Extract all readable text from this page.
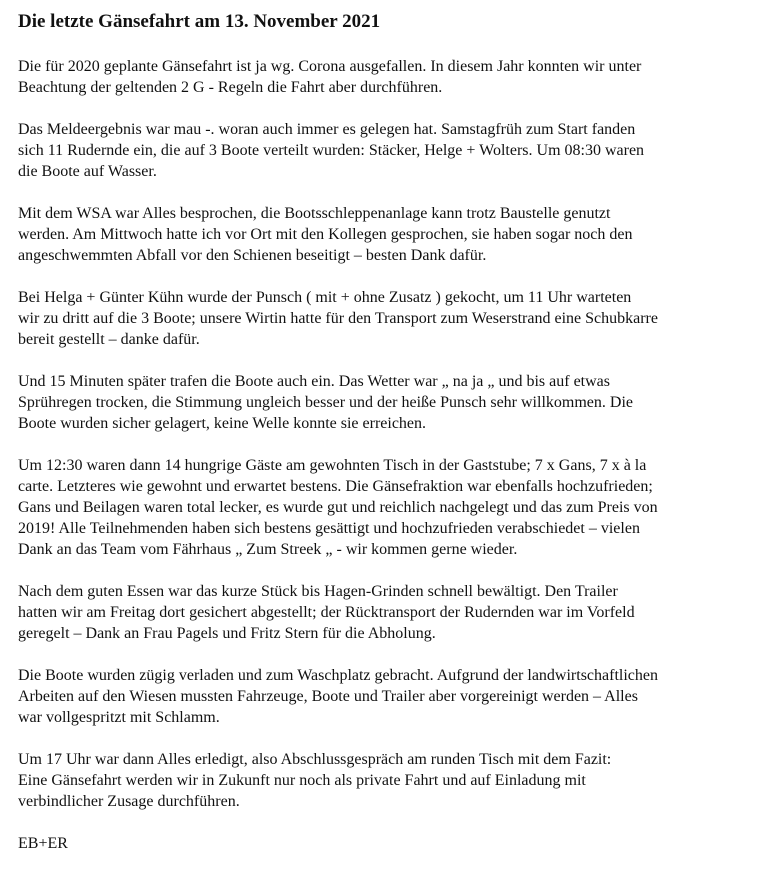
Die letzte Gänsefahrt am 13. November 2021

Die für 2020 geplante Gänsefahrt ist ja wg. Corona ausgefallen. In diesem Jahr konnten wir unter
Beachtung der geltenden 2 G - Regeln die Fahrt aber durchführen.

Das Meldeergebnis war mau -. woran auch immer es gelegen hat. Samstagfrüh zum Start fanden
sich 11 Rudernde ein, die auf 3 Boote verteilt wurden: Stäcker, Helge + Wolters. Um 08:30 waren
die Boote auf Wasser.

Mit dem WSA war Alles besprochen, die Bootsschleppenanlage kann trotz Baustelle genutzt
werden. Am Mittwoch hatte ich vor Ort mit den Kollegen gesprochen, sie haben sogar noch den
angeschwemmten Abfall vor den Schienen beseitigt – besten Dank dafür.

Bei Helga + Günter Kühn wurde der Punsch ( mit + ohne Zusatz ) gekocht, um 11 Uhr warteten
wir zu dritt auf die 3 Boote; unsere Wirtin hatte für den Transport zum Weserstrand eine Schubkarre
bereit gestellt – danke dafür.

Und 15 Minuten später trafen die Boote auch ein. Das Wetter war „ na ja „ und bis auf etwas
Sprühregen trocken, die Stimmung ungleich besser und der heiße Punsch sehr willkommen. Die
Boote wurden sicher gelagert, keine Welle konnte sie erreichen.

Um 12:30 waren dann 14 hungrige Gäste am gewohnten Tisch in der Gaststube; 7 x Gans, 7 x à la
carte. Letzteres wie gewohnt und erwartet bestens. Die Gänsefraktion war ebenfalls hochzufrieden;
Gans und Beilagen waren total lecker, es wurde gut und reichlich nachgelegt und das zum Preis von
2019! Alle Teilnehmenden haben sich bestens gesättigt und hochzufrieden verabschiedet – vielen
Dank an das Team vom Fährhaus „ Zum Streek „ - wir kommen gerne wieder.

Nach dem guten Essen war das kurze Stück bis Hagen-Grinden schnell bewältigt. Den Trailer
hatten wir am Freitag dort gesichert abgestellt; der Rücktransport der Rudernden war im Vorfeld
geregelt – Dank an Frau Pagels und Fritz Stern für die Abholung.

Die Boote wurden zügig verladen und zum Waschplatz gebracht. Aufgrund der landwirtschaftlichen
Arbeiten auf den Wiesen mussten Fahrzeuge, Boote und Trailer aber vorgereinigt werden – Alles
war vollgespritzt mit Schlamm.

Um 17 Uhr war dann Alles erledigt, also Abschlussgespräch am runden Tisch mit dem Fazit:
Eine Gänsefahrt werden wir in Zukunft nur noch als private Fahrt und auf Einladung mit
verbindlicher Zusage durchführen.

EB+ER
